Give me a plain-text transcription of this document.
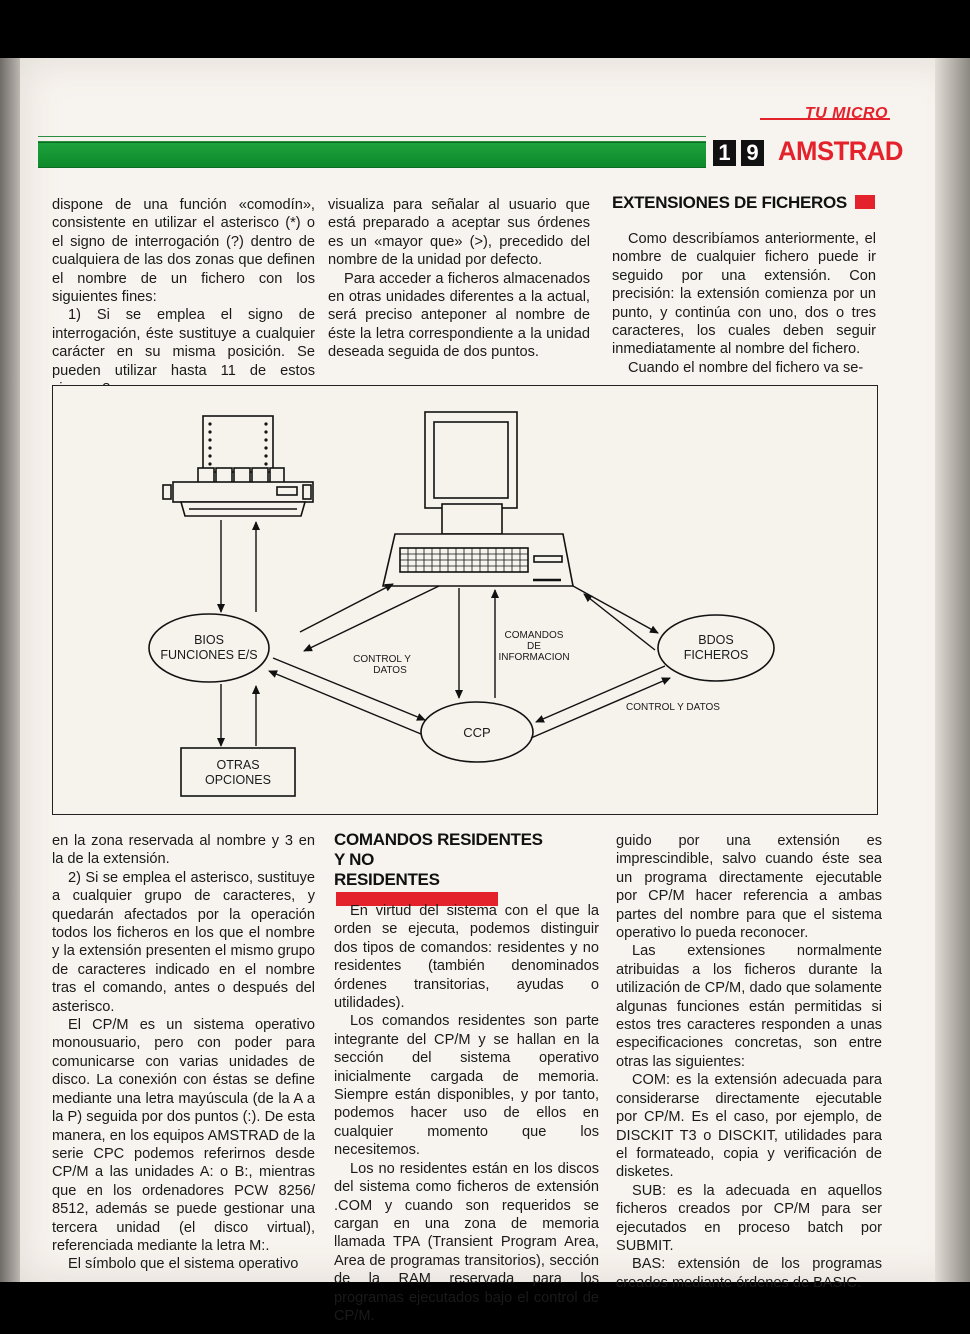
TU MICRO
1 9 AMSTRAD

dispone de una función «comodín», consistente en utilizar el asterisco (*) o el signo de interrogación (?) dentro de cualquiera de las dos zonas que definen el nombre de un fichero con los siguientes fines:

1) Si se emplea el signo de interrogación, éste sustituye a cualquier carácter en su misma posición. Se pueden utilizar hasta 11 de estos

visualiza para señalar al usuario que está preparado a aceptar sus órdenes es un «mayor que» (>), precedido del nombre de la unidad por defecto.

Para acceder a ficheros almacenados en otras unidades diferentes a la actual, será preciso anteponer al nombre de éste la letra correspondiente a la unidad deseada seguida de dos puntos.

EXTENSIONES DE FICHEROS

Como describíamos anteriormente, el nombre de cualquier fichero puede ir seguido por una extensión. Con precisión: la extensión comienza por un punto, y continúa con uno, dos o tres caracteres, los cuales deben seguir inmediatamente al nombre del fichero.

Cuando el nombre del fichero va se-

BIOS
FUNCIONES E/S
BDOS
FICHEROS
CCP
OTRAS
OPCIONES
CONTROL Y
DATOS
COMANDOS
DE
INFORMACION
CONTROL Y DATOS

en la zona reservada al nombre y 3 en la de la extensión.

2) Si se emplea el asterisco, sustituye a cualquier grupo de caracteres, y quedarán afectados por la operación todos los ficheros en los que el nombre y la extensión presenten el mismo grupo de caracteres indicado en el nombre tras el comando, antes o después del asterisco.

El CP/M es un sistema operativo monousuario, pero con poder para comunicarse con varias unidades de disco. La conexión con éstas se define mediante una letra mayúscula (de la A a la P) seguida por dos puntos (:). De esta manera, en los equipos AMSTRAD de la serie CPC podemos referirnos desde CP/M a las unidades A: o B:, mientras que en los ordenadores PCW 8256/ 8512, además se puede gestionar una tercera unidad (el disco virtual), referenciada mediante la letra M:.

El símbolo que el sistema operativo

COMANDOS RESIDENTES
Y NO
RESIDENTES

En virtud del sistema con el que la orden se ejecuta, podemos distinguir dos tipos de comandos: residentes y no residentes (también denominados órdenes transitorias, ayudas o utilidades).

Los comandos residentes son parte integrante del CP/M y se hallan en la sección del sistema operativo inicialmente cargada de memoria. Siempre están disponibles, y por tanto, podemos hacer uso de ellos en cualquier momento que los necesitemos.

Los no residentes están en los discos del sistema como ficheros de extensión .COM y cuando son requeridos se cargan en una zona de memoria llamada TPA (Transient Program Area, Area de programas transitorios), sección de la RAM reservada para los programas ejecutados bajo el control de CP/M.

guido por una extensión es imprescindible, salvo cuando éste sea un programa directamente ejecutable por CP/M hacer referencia a ambas partes del nombre para que el sistema operativo lo pueda reconocer.

Las extensiones normalmente atribuidas a los ficheros durante la utilización de CP/M, dado que solamente algunas funciones están permitidas si estos tres caracteres responden a unas especificaciones concretas, son entre otras las siguientes:

COM: es la extensión adecuada para considerarse directamente ejecutable por CP/M. Es el caso, por ejemplo, de DISCKIT T3 o DISCKIT, utilidades para el formateado, copia y verificación de disketes.

SUB: es la adecuada en aquellos ficheros creados por CP/M para ser ejecutados en proceso batch por SUBMIT.

BAS: extensión de los programas creados mediante órdenes de BASIC.
